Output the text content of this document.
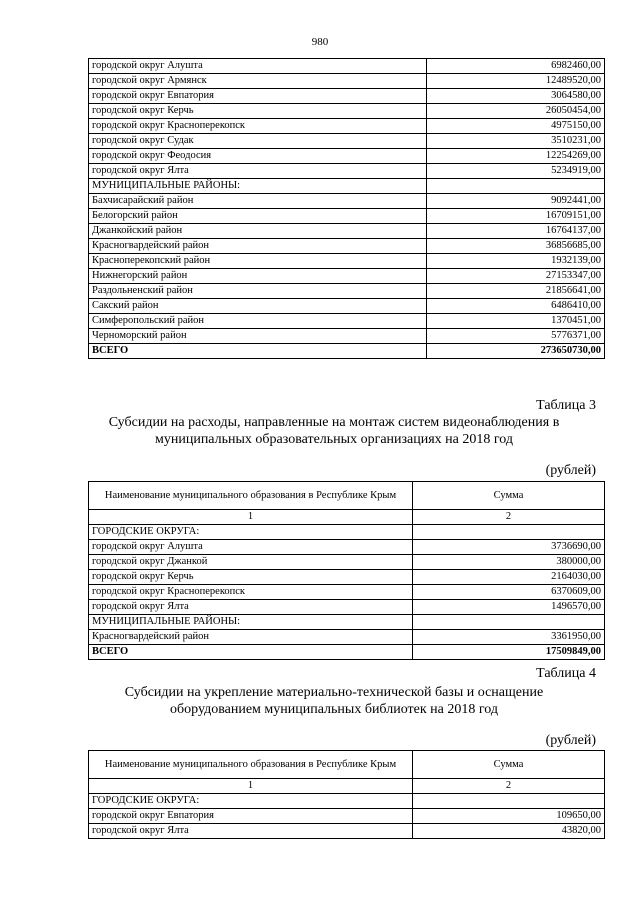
980
городской округ Алушта	6982460,00
городской округ Армянск	12489520,00
городской округ Евпатория	3064580,00
городской округ Керчь	26050454,00
городской округ Красноперекопск	4975150,00
городской округ Судак	3510231,00
городской округ Феодосия	12254269,00
городской округ Ялта	5234919,00
МУНИЦИПАЛЬНЫЕ РАЙОНЫ:	
Бахчисарайский район	9092441,00
Белогорский район	16709151,00
Джанкойский район	16764137,00
Красногвардейский район	36856685,00
Красноперекопский район	1932139,00
Нижнегорский район	27153347,00
Раздольненский район	21856641,00
Сакский район	6486410,00
Симферопольский район	1370451,00
Черноморский район	5776371,00
ВСЕГО	273650730,00
Таблица 3
Субсидии на расходы, направленные на монтаж систем видеонаблюдения в
муниципальных образовательных организациях на 2018 год
(рублей)
Наименование муниципального образования в Республике Крым	Сумма
1	2
ГОРОДСКИЕ ОКРУГА:	
городской округ Алушта	3736690,00
городской округ Джанкой	380000,00
городской округ Керчь	2164030,00
городской округ Красноперекопск	6370609,00
городской округ Ялта	1496570,00
МУНИЦИПАЛЬНЫЕ РАЙОНЫ:	
Красногвардейский район	3361950,00
ВСЕГО	17509849,00
Таблица 4
Субсидии на укрепление материально-технической базы и оснащение
оборудованием муниципальных библиотек на 2018 год
(рублей)
Наименование муниципального образования в Республике Крым	Сумма
1	2
ГОРОДСКИЕ ОКРУГА:	
городской округ Евпатория	109650,00
городской округ Ялта	43820,00
